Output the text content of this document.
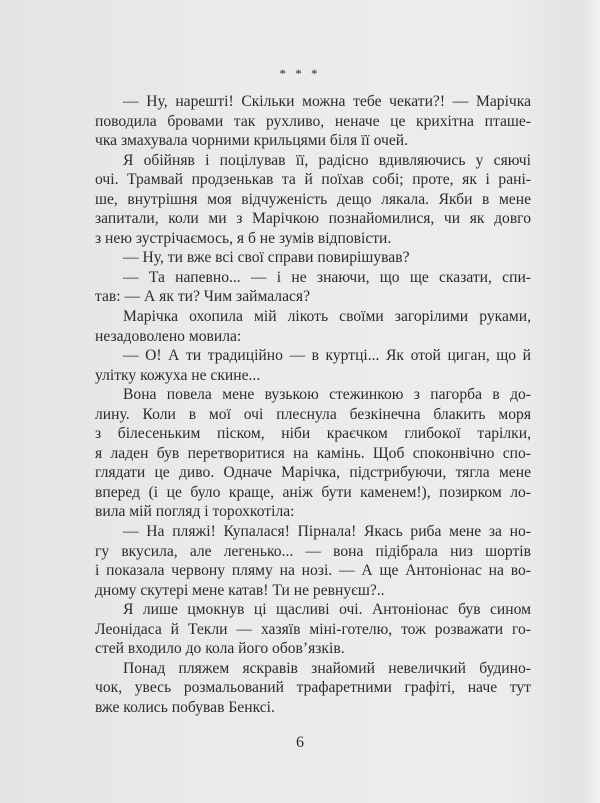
* * *
— Ну, нарешті! Скільки можна тебе чекати?! — Марічка
поводила бровами так рухливо, неначе це крихітна пташе-
чка змахувала чорними крильцями біля її очей.
Я обійняв і поцілував її, радісно вдивляючись у сяючі
очі. Трамвай продзенькав та й поїхав собі; проте, як і рані-
ше, внутрішня моя відчуженість дещо лякала. Якби в мене
запитали, коли ми з Марічкою познайомилися, чи як довго
з нею зустрічаємось, я б не зумів відповісти.
— Ну, ти вже всі свої справи повирішував?
— Та напевно... — і не знаючи, що ще сказати, спи-
тав: — А як ти? Чим займалася?
Марічка охопила мій лікоть своїми загорілими руками,
незадоволено мовила:
— О! А ти традиційно — в куртці... Як отой циган, що й
улітку кожуха не скине...
Вона повела мене вузькою стежинкою з пагорба в до-
лину. Коли в мої очі плеснула безкінечна блакить моря
з білесеньким піском, ніби краєчком глибокої тарілки,
я ладен був перетворитися на камінь. Щоб споконвічно спо-
глядати це диво. Одначе Марічка, підстрибуючи, тягла мене
вперед (і це було краще, аніж бути каменем!), позирком ло-
вила мій погляд і торохкотіла:
— На пляжі! Купалася! Пірнала! Якась риба мене за но-
гу вкусила, але легенько... — вона підібрала низ шортів
і показала червону пляму на нозі. — А ще Антоніонас на во-
дному скутері мене катав! Ти не ревнуєш?..
Я лише цмокнув ці щасливі очі. Антоніонас був сином
Леонідаса й Текли — хазяїв міні-готелю, тож розважати го-
стей входило до кола його обов’язків.
Понад пляжем яскравів знайомий невеличкий будино-
чок, увесь розмальований трафаретними графіті, наче тут
вже колись побував Бенксі.
6
